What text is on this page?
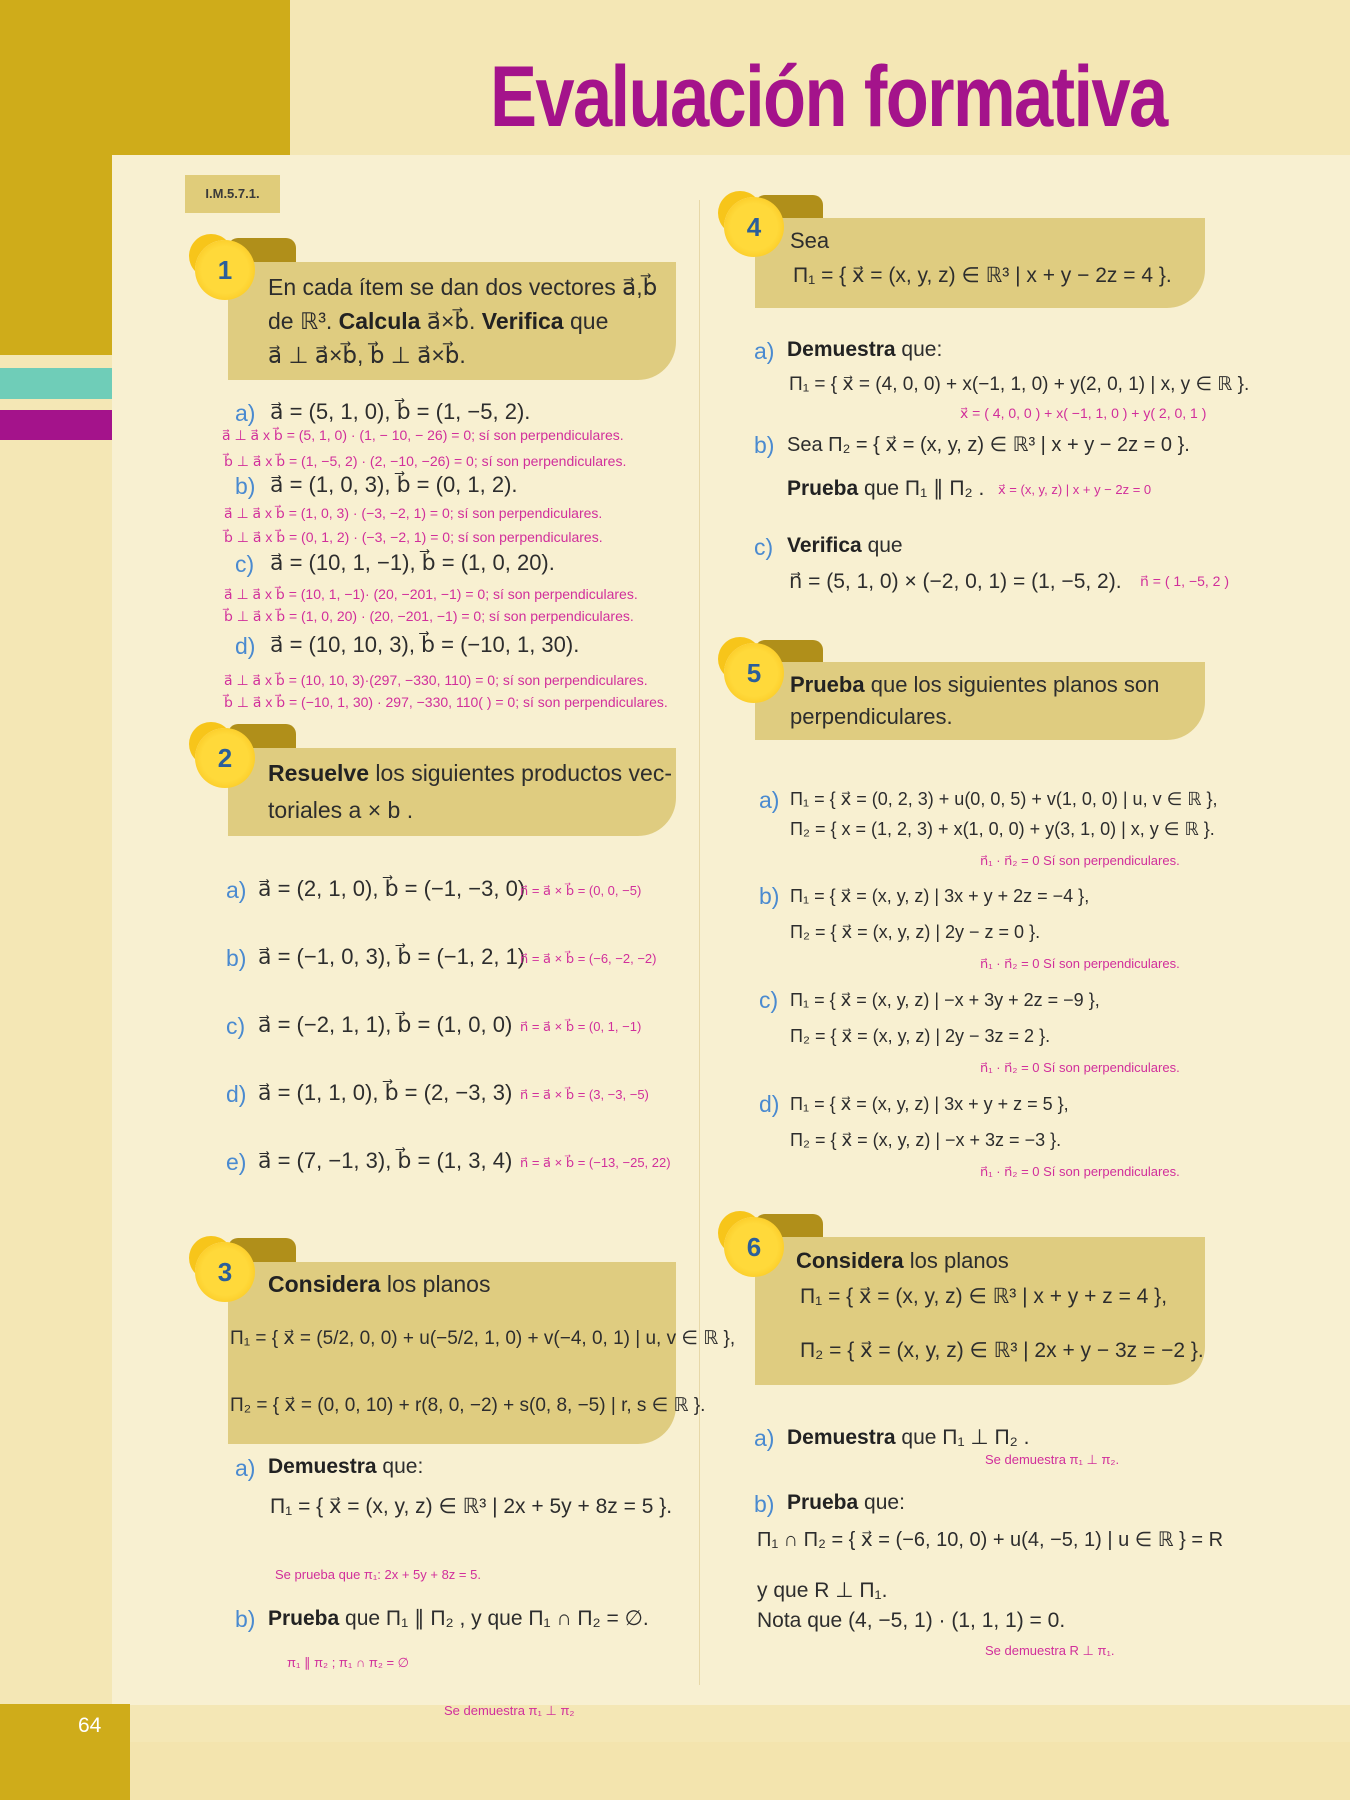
64
Evaluación formativa
I.M.5.7.1.
1
En cada ítem se dan dos vectores a⃗,b⃗
de ℝ³. Calcula a⃗×b⃗. Verifica que
a⃗ ⊥ a⃗×b⃗, b⃗ ⊥ a⃗×b⃗.
a) a⃗ = (5, 1, 0), b⃗ = (1, −5, 2).
a⃗ ⊥ a⃗ x b⃗ = (5, 1, 0) · (1, − 10, − 26) = 0; sí son perpendiculares.
b⃗ ⊥ a⃗ x b⃗ = (1, −5, 2) · (2, −10, −26) = 0; sí son perpendiculares.
b) a⃗ = (1, 0, 3), b⃗ = (0, 1, 2).
a⃗ ⊥ a⃗ x b⃗ = (1, 0, 3) · (−3, −2, 1) = 0; sí son perpendiculares.
b⃗ ⊥ a⃗ x b⃗ = (0, 1, 2) · (−3, −2, 1) = 0; sí son perpendiculares.
c) a⃗ = (10, 1, −1), b⃗ = (1, 0, 20).
a⃗ ⊥ a⃗ x b⃗ = (10, 1, −1)· (20, −201, −1) = 0; sí son perpendiculares.
b⃗ ⊥ a⃗ x b⃗ = (1, 0, 20) · (20, −201, −1) = 0; sí son perpendiculares.
d) a⃗ = (10, 10, 3), b⃗ = (−10, 1, 30).
a⃗ ⊥ a⃗ x b⃗ = (10, 10, 3)·(297, −330, 110) = 0; sí son perpendiculares.
b⃗ ⊥ a⃗ x b⃗ = (−10, 1, 30) · 297, −330, 110( ) = 0; sí son perpendiculares.
2	Resuelve los siguientes productos vec-
toriales a × b .
a) a⃗ = (2, 1, 0), b⃗ = (−1, −3, 0)
n⃗ = a⃗ × b⃗ = (0, 0, −5)
b) a⃗ = (−1, 0, 3), b⃗ = (−1, 2, 1)
n⃗ = a⃗ × b⃗ = (−6, −2, −2)
c) a⃗ = (−2, 1, 1), b⃗ = (1, 0, 0) n⃗ = a⃗ × b⃗ = (0, 1, −1)
d) a⃗ = (1, 1, 0), b⃗ = (2, −3, 3) n⃗ = a⃗ × b⃗ = (3, −3, −5)
e) a⃗ = (7, −1, 3), b⃗ = (1, 3, 4) n⃗ = a⃗ × b⃗ = (−13, −25, 22)
3	Considera los planos
Π₁ = { x⃗ = (5/2, 0, 0) + u(−5/2, 1, 0) + v(−4, 0, 1) | u, v ∈ ℝ },
Π₂ = { x⃗ = (0, 0, 10) + r(8, 0, −2) + s(0, 8, −5) | r, s ∈ ℝ }.
a) Demuestra que:
Π₁ = { x⃗ = (x, y, z) ∈ ℝ³ | 2x + 5y + 8z = 5 }.
Se prueba que π₁: 2x + 5y + 8z = 5.
b) Prueba que Π₁ ∥ Π₂ , y que Π₁ ∩ Π₂ = ∅.
π₁ ∥ π₂ ; π₁ ∩ π₂ = ∅
Se demuestra π₁ ⊥ π₂
4	Sea
Π₁ = { x⃗ = (x, y, z) ∈ ℝ³ | x + y − 2z = 4 }.
a) Demuestra que:
Π₁ = { x⃗ = (4, 0, 0) + x(−1, 1, 0) + y(2, 0, 1) | x, y ∈ ℝ }.
x⃗ = ( 4, 0, 0 ) + x( −1, 1, 0 ) + y( 2, 0, 1 )
b) Sea Π₂ = { x⃗ = (x, y, z) ∈ ℝ³ | x + y − 2z = 0 }.
Prueba que Π₁ ∥ Π₂ . x⃗ = (x, y, z) | x + y − 2z = 0
c) Verifica que
n⃗ = (5, 1, 0) × (−2, 0, 1) = (1, −5, 2). n⃗ = ( 1, −5, 2 )
5	Prueba que los siguientes planos son
perpendiculares.
a) Π₁ = { x⃗ = (0, 2, 3) + u(0, 0, 5) + v(1, 0, 0) | u, v ∈ ℝ },
Π₂ = { x = (1, 2, 3) + x(1, 0, 0) + y(3, 1, 0) | x, y ∈ ℝ }.
n⃗₁ · n⃗₂ = 0 Sí son perpendiculares.
b) Π₁ = { x⃗ = (x, y, z) | 3x + y + 2z = −4 },
Π₂ = { x⃗ = (x, y, z) | 2y − z = 0 }.
n⃗₁ · n⃗₂ = 0 Sí son perpendiculares.
c) Π₁ = { x⃗ = (x, y, z) | −x + 3y + 2z = −9 },
Π₂ = { x⃗ = (x, y, z) | 2y − 3z = 2 }.
n⃗₁ · n⃗₂ = 0 Sí son perpendiculares.
d) Π₁ = { x⃗ = (x, y, z) | 3x + y + z = 5 },
Π₂ = { x⃗ = (x, y, z) | −x + 3z = −3 }.
n⃗₁ · n⃗₂ = 0 Sí son perpendiculares.
6	Considera los planos
Π₁ = { x⃗ = (x, y, z) ∈ ℝ³ | x + y + z = 4 },
Π₂ = { x⃗ = (x, y, z) ∈ ℝ³ | 2x + y − 3z = −2 }.
a) Demuestra que Π₁ ⊥ Π₂ .
Se demuestra π₁ ⊥ π₂.
b) Prueba que:
Π₁ ∩ Π₂ = { x⃗ = (−6, 10, 0) + u(4, −5, 1) | u ∈ ℝ } = R
y que R ⊥ Π₁.
Nota que (4, −5, 1) · (1, 1, 1) = 0.
Se demuestra R ⊥ π₁.
